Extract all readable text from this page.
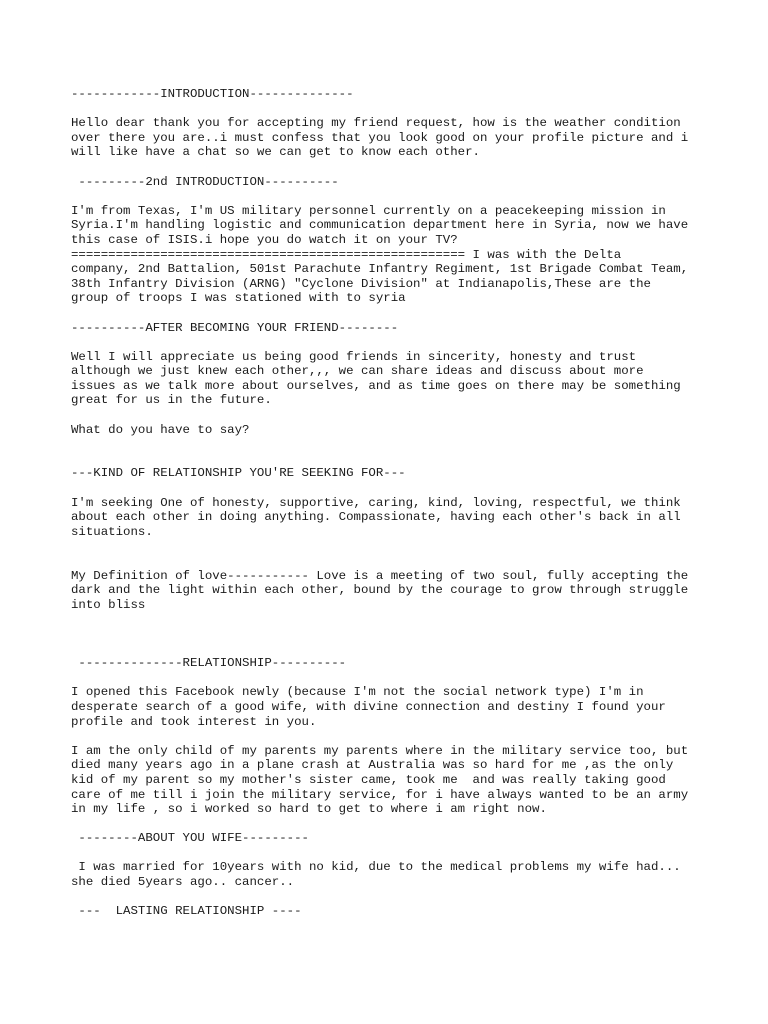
------------INTRODUCTION--------------
Hello dear thank you for accepting my friend request, how is the weather condition
over there you are..i must confess that you look good on your profile picture and i
will like have a chat so we can get to know each other.
---------2nd INTRODUCTION----------
I'm from Texas, I'm US military personnel currently on a peacekeeping mission in
Syria.I'm handling logistic and communication department here in Syria, now we have
this case of ISIS.i hope you do watch it on your TV?
===================================================== I was with the Delta
company, 2nd Battalion, 501st Parachute Infantry Regiment, 1st Brigade Combat Team,
38th Infantry Division (ARNG) "Cyclone Division" at Indianapolis,These are the
group of troops I was stationed with to syria
----------AFTER BECOMING YOUR FRIEND--------
Well I will appreciate us being good friends in sincerity, honesty and trust
although we just knew each other,,, we can share ideas and discuss about more
issues as we talk more about ourselves, and as time goes on there may be something
great for us in the future.
What do you have to say?
---KIND OF RELATIONSHIP YOU'RE SEEKING FOR---
I'm seeking One of honesty, supportive, caring, kind, loving, respectful, we think
about each other in doing anything. Compassionate, having each other's back in all
situations.
My Definition of love----------- Love is a meeting of two soul, fully accepting the
dark and the light within each other, bound by the courage to grow through struggle
into bliss
--------------RELATIONSHIP----------
I opened this Facebook newly (because I'm not the social network type) I'm in
desperate search of a good wife, with divine connection and destiny I found your
profile and took interest in you.
I am the only child of my parents my parents where in the military service too, but
died many years ago in a plane crash at Australia was so hard for me ,as the only
kid of my parent so my mother's sister came, took me  and was really taking good
care of me till i join the military service, for i have always wanted to be an army
in my life , so i worked so hard to get to where i am right now.
--------ABOUT YOU WIFE---------
I was married for 10years with no kid, due to the medical problems my wife had...
she died 5years ago.. cancer..
---  LASTING RELATIONSHIP ----
